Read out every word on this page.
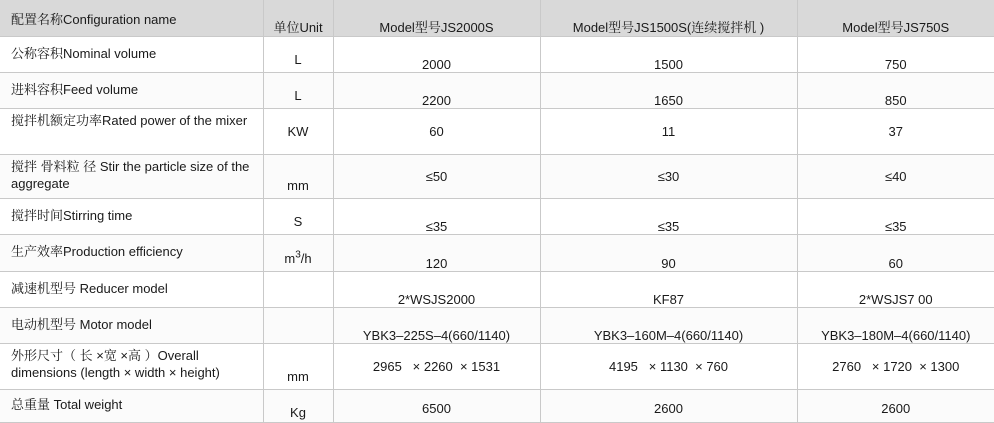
配置名称Configuration name	单位Unit	Model型号JS2000S	Model型号JS1500S(连续搅拌机 )	Model型号JS750S
公称容积Nominal volume	L	2000	1500	750
进料容积Feed volume	L	2200	1650	850
搅拌机额定功率Rated power of the mixer	KW	60	11	37
搅拌 骨料粒 径 Stir the particle size of the aggregate	mm	≤50	≤30	≤40
搅拌时间Stirring time	S	≤35	≤35	≤35
生产效率Production efficiency	$m^3/h$	120	90	60
减速机型号 Reducer model		2*WSJS2000	KF87	2*WSJS7 00
电动机型号 Motor model		YBK3–225S–4(660/1140)	YBK3–160M–4(660/1140)	YBK3–180M–4(660/1140)
外形尺寸（ 长 ×宽 ×高 ）Overall dimensions (length × width × height)	mm	2965   × 2260  × 1531	4195   × 1130  × 760	2760   × 1720  × 1300
总重量 Total weight	Kg	6500	2600	2600
